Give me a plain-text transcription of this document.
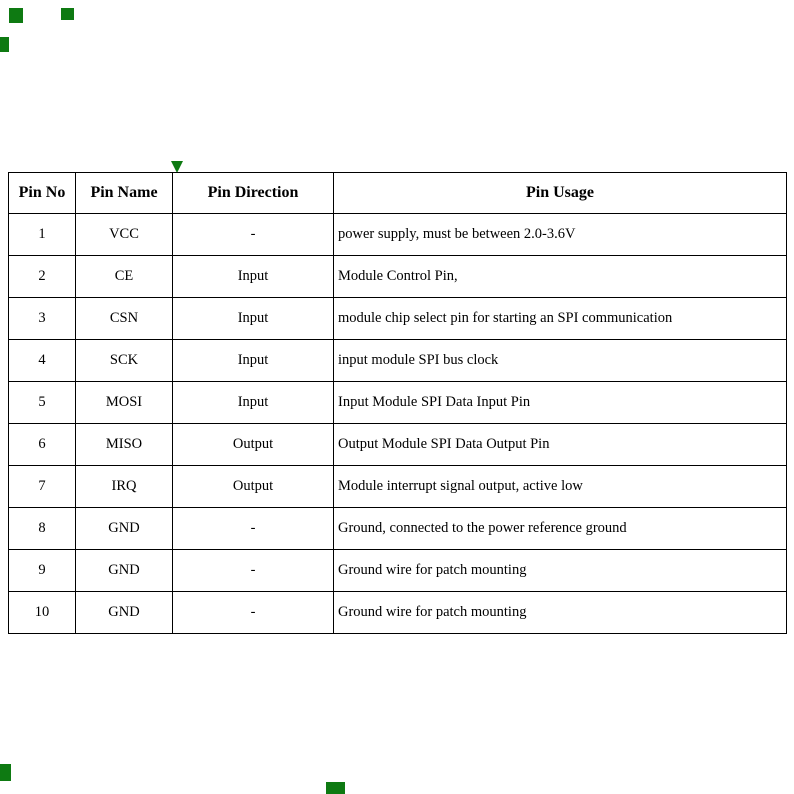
Pin No	Pin Name	Pin Direction	Pin Usage
1	VCC	-	power supply, must be between 2.0-3.6V
2	CE	Input	Module Control Pin,
3	CSN	Input	module chip select pin for starting an SPI communication
4	SCK	Input	input module SPI bus clock
5	MOSI	Input	Input Module SPI Data Input Pin
6	MISO	Output	Output Module SPI Data Output Pin
7	IRQ	Output	Module interrupt signal output, active low
8	GND	-	Ground, connected to the power reference ground
9	GND	-	Ground wire for patch mounting
10	GND	-	Ground wire for patch mounting
